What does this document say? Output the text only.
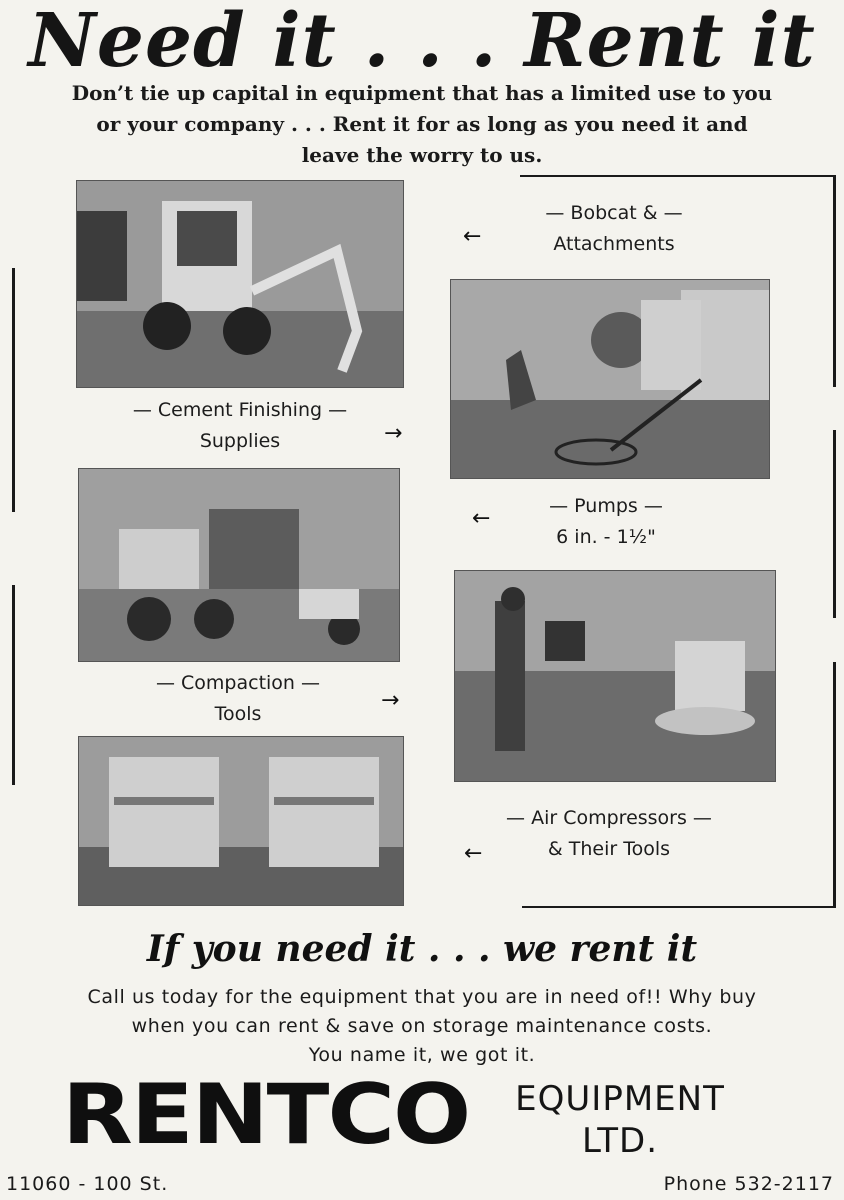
Need it . . . Rent it
Don’t tie up capital in equipment that has a limited use to you
or your company . . . Rent it for as long as you need it and
leave the worry to us.
— Bobcat & —
Attachments
←
— Cement Finishing —
Supplies	→
— Pumps —
6 in. - 1½"
←
— Compaction —
Tools
→
— Air Compressors —
& Their Tools
←
If you need it . . . we rent it
Call us today for the equipment that you are in need of!! Why buy
when you can rent & save on storage maintenance costs.
You name it, we got it.
RENTCO	EQUIPMENT
LTD.
11060 - 100 St.	Phone 532-2117
